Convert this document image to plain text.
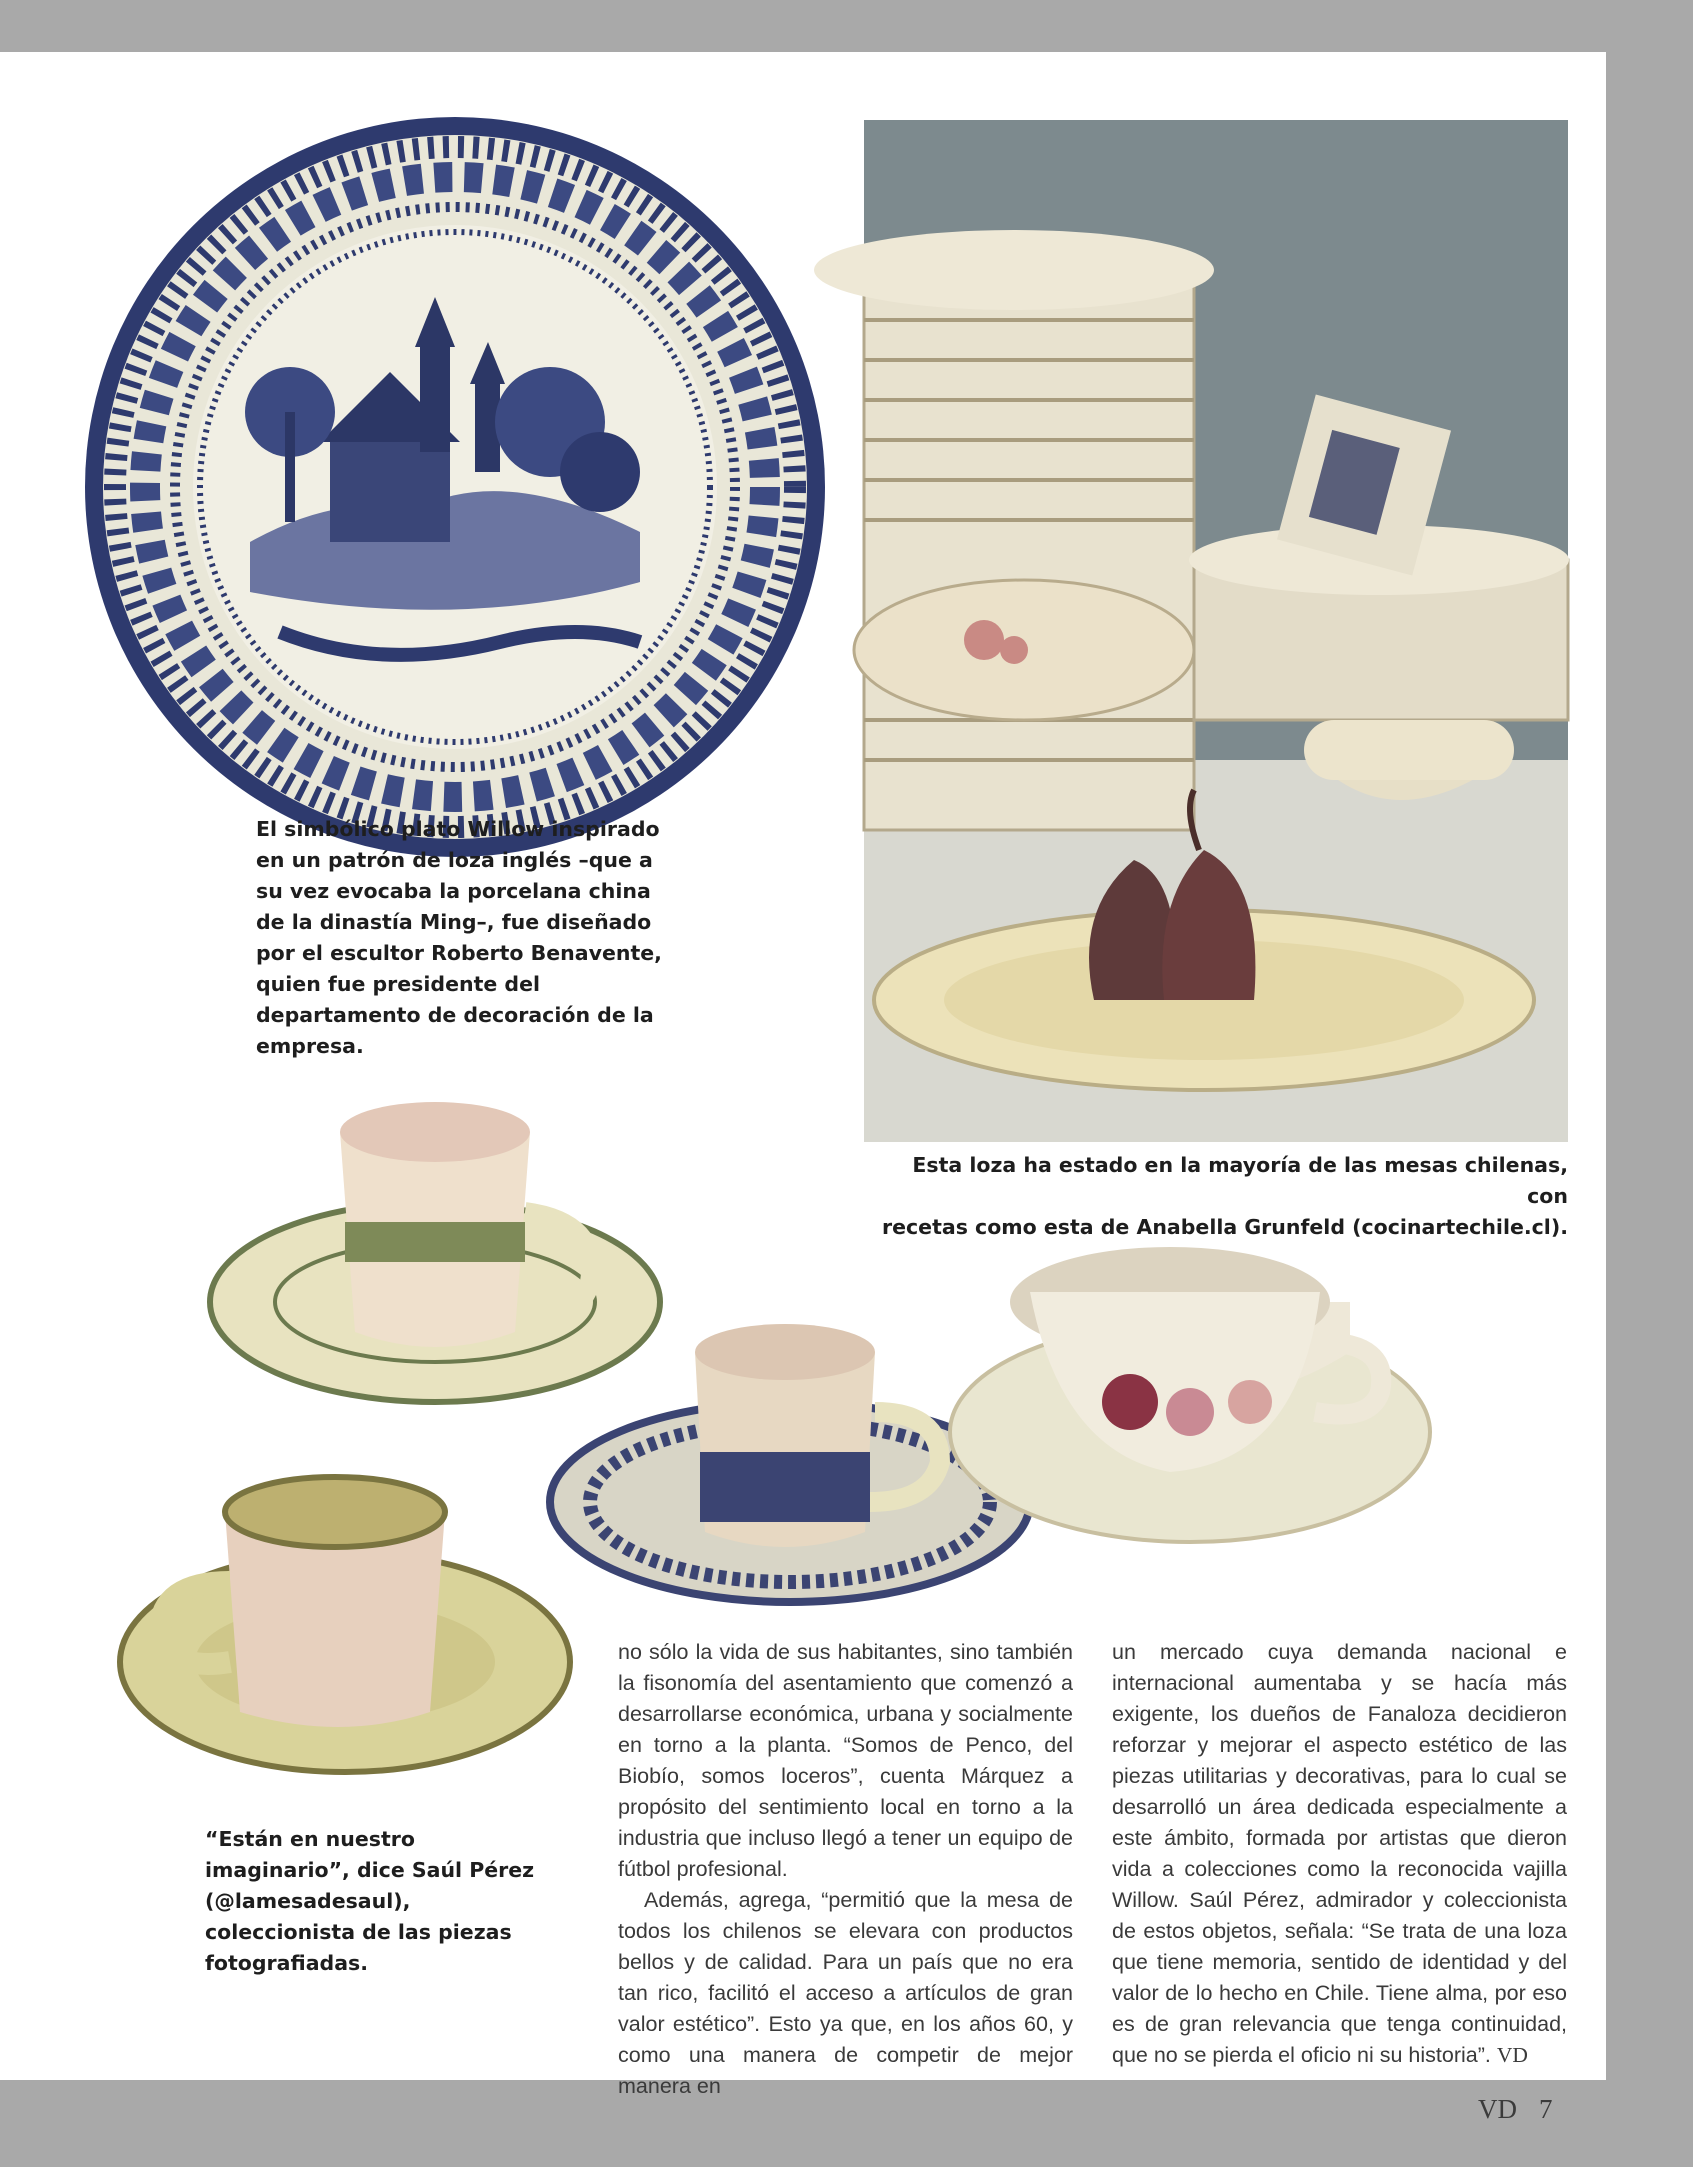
El simbólico plato Willow inspirado en un patrón de loza inglés –que a su vez evocaba la porcelana china de la dinastía Ming–, fue diseñado por el escultor Roberto Benavente, quien fue presidente del departamento de decoración de la empresa.
Esta loza ha estado en la mayoría de las mesas chilenas, con
recetas como esta de Anabella Grunfeld (cocinartechile.cl).
“Están en nuestro imaginario”, dice Saúl Pérez (@lamesadesaul), coleccionista de las piezas fotografiadas.

no sólo la vida de sus habitantes, sino también la fisonomía del asentamiento que comenzó a desarrollarse económica, urbana y socialmente en torno a la planta. “Somos de Penco, del Biobío, somos loceros”, cuenta Márquez a propósito del sentimiento local en torno a la industria que incluso llegó a tener un equipo de fútbol profesional.

Además, agrega, “permitió que la mesa de todos los chilenos se elevara con productos bellos y de calidad. Para un país que no era tan rico, facilitó el acceso a artículos de gran valor estético”. Esto ya que, en los años 60, y como una manera de competir de mejor manera en

un mercado cuya demanda nacional e internacional aumentaba y se hacía más exigente, los dueños de Fanaloza decidieron reforzar y mejorar el aspecto estético de las piezas utilitarias y decorativas, para lo cual se desarrolló un área dedicada especialmente a este ámbito, formada por artistas que dieron vida a colecciones como la reconocida vajilla Willow. Saúl Pérez, admirador y coleccionista de estos objetos, señala: “Se trata de una loza que tiene memoria, sentido de identidad y del valor de lo hecho en Chile. Tiene alma, por eso es de gran relevancia que tenga continuidad, que no se pierda el oficio ni su historia”. VD

VD 7
